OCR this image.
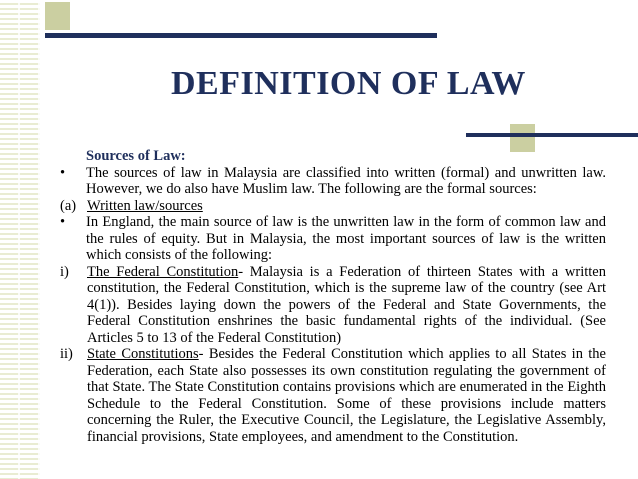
DEFINITION OF LAW
Sources of Law:
•	The sources of law in Malaysia are classified into written (formal) and unwritten law. However, we do also have Muslim law. The following are the formal sources:
(a) Written law/sources
•	In England, the main source of law is the unwritten law in the form of common law and the rules of equity. But in Malaysia, the most important sources of law is the written which consists of the following:
i)	The Federal Constitution- Malaysia is a Federation of thirteen States with a written constitution, the Federal Constitution, which is the supreme law of the country (see Art 4(1)). Besides laying down the powers of the Federal and State Governments, the Federal Constitution enshrines the basic fundamental rights of the individual. (See Articles 5 to 13 of the Federal Constitution)
ii) State Constitutions- Besides the Federal Constitution which applies to all States in the Federation, each State also possesses its own constitution regulating the government of that State. The State Constitution contains provisions which are enumerated in the Eighth Schedule to the Federal Constitution. Some of these provisions include matters concerning the Ruler, the Executive Council, the Legislature, the Legislative Assembly, financial provisions, State employees, and amendment to the Constitution.
